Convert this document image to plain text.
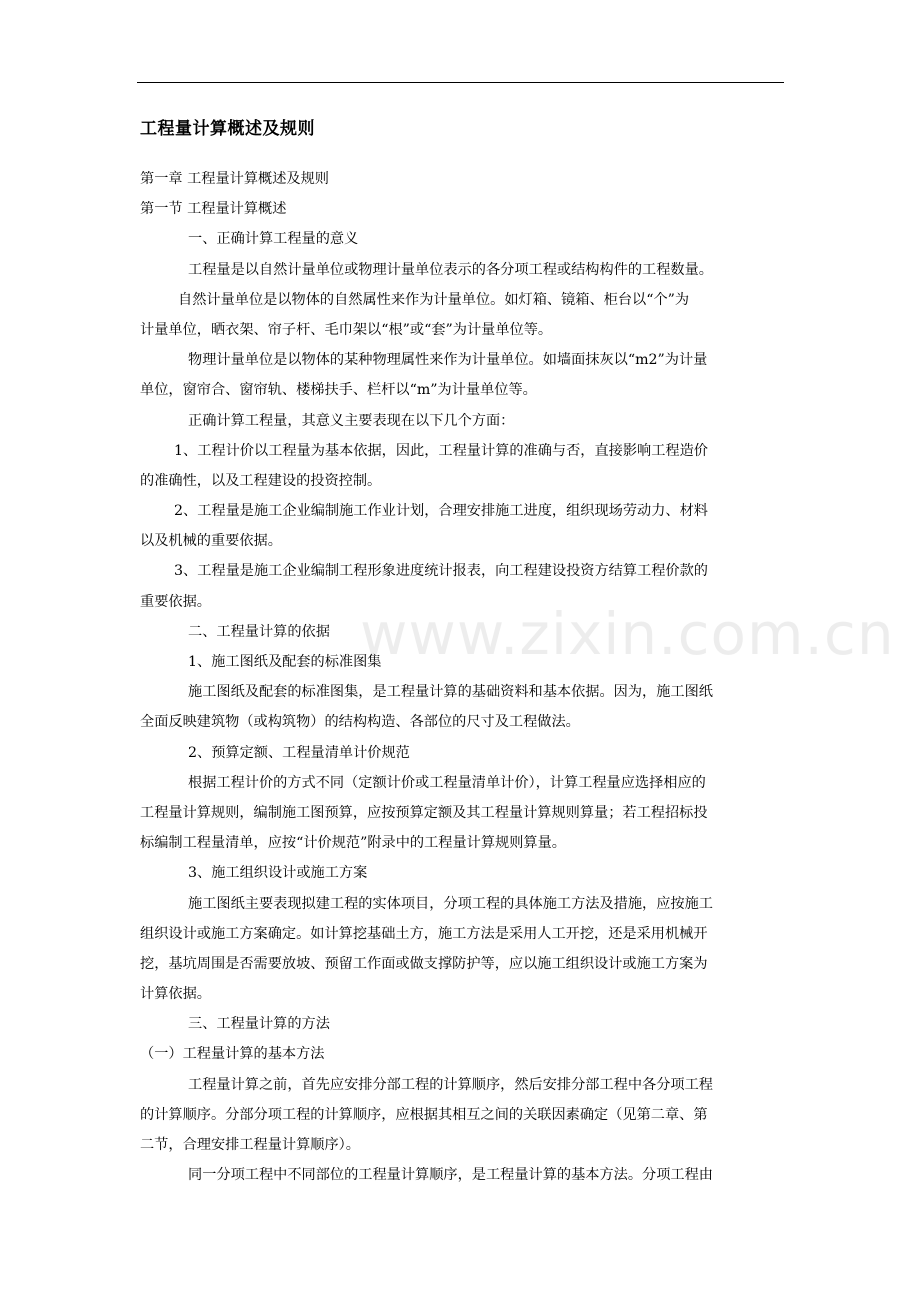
工程量计算概述及规则
www.zixin.com.cn
第一章 工程量计算概述及规则
第一节 工程量计算概述
一、正确计算工程量的意义
工程量是以自然计量单位或物理计量单位表示的各分项工程或结构构件的工程数量。
自然计量单位是以物体的自然属性来作为计量单位。如灯箱、镜箱、柜台以“个”为
计量单位，晒衣架、帘子杆、毛巾架以“根”或“套”为计量单位等。
物理计量单位是以物体的某种物理属性来作为计量单位。如墙面抹灰以“m2”为计量
单位，窗帘合、窗帘轨、楼梯扶手、栏杆以“m”为计量单位等。
正确计算工程量，其意义主要表现在以下几个方面：
1、工程计价以工程量为基本依据，因此，工程量计算的准确与否，直接影响工程造价
的准确性，以及工程建设的投资控制。
2、工程量是施工企业编制施工作业计划，合理安排施工进度，组织现场劳动力、材料
以及机械的重要依据。
3、工程量是施工企业编制工程形象进度统计报表，向工程建设投资方结算工程价款的
重要依据。
二、工程量计算的依据
1、施工图纸及配套的标准图集
施工图纸及配套的标准图集，是工程量计算的基础资料和基本依据。因为，施工图纸
全面反映建筑物（或构筑物）的结构构造、各部位的尺寸及工程做法。
2、预算定额、工程量清单计价规范
根据工程计价的方式不同（定额计价或工程量清单计价），计算工程量应选择相应的
工程量计算规则，编制施工图预算，应按预算定额及其工程量计算规则算量；若工程招标投
标编制工程量清单，应按“计价规范”附录中的工程量计算规则算量。
3、施工组织设计或施工方案
施工图纸主要表现拟建工程的实体项目，分项工程的具体施工方法及措施，应按施工
组织设计或施工方案确定。如计算挖基础土方，施工方法是采用人工开挖，还是采用机械开
挖，基坑周围是否需要放坡、预留工作面或做支撑防护等，应以施工组织设计或施工方案为
计算依据。
三、工程量计算的方法
（一）工程量计算的基本方法
工程量计算之前，首先应安排分部工程的计算顺序，然后安排分部工程中各分项工程
的计算顺序。分部分项工程的计算顺序，应根据其相互之间的关联因素确定（见第二章、第
二节，合理安排工程量计算顺序）。
同一分项工程中不同部位的工程量计算顺序，是工程量计算的基本方法。分项工程由
